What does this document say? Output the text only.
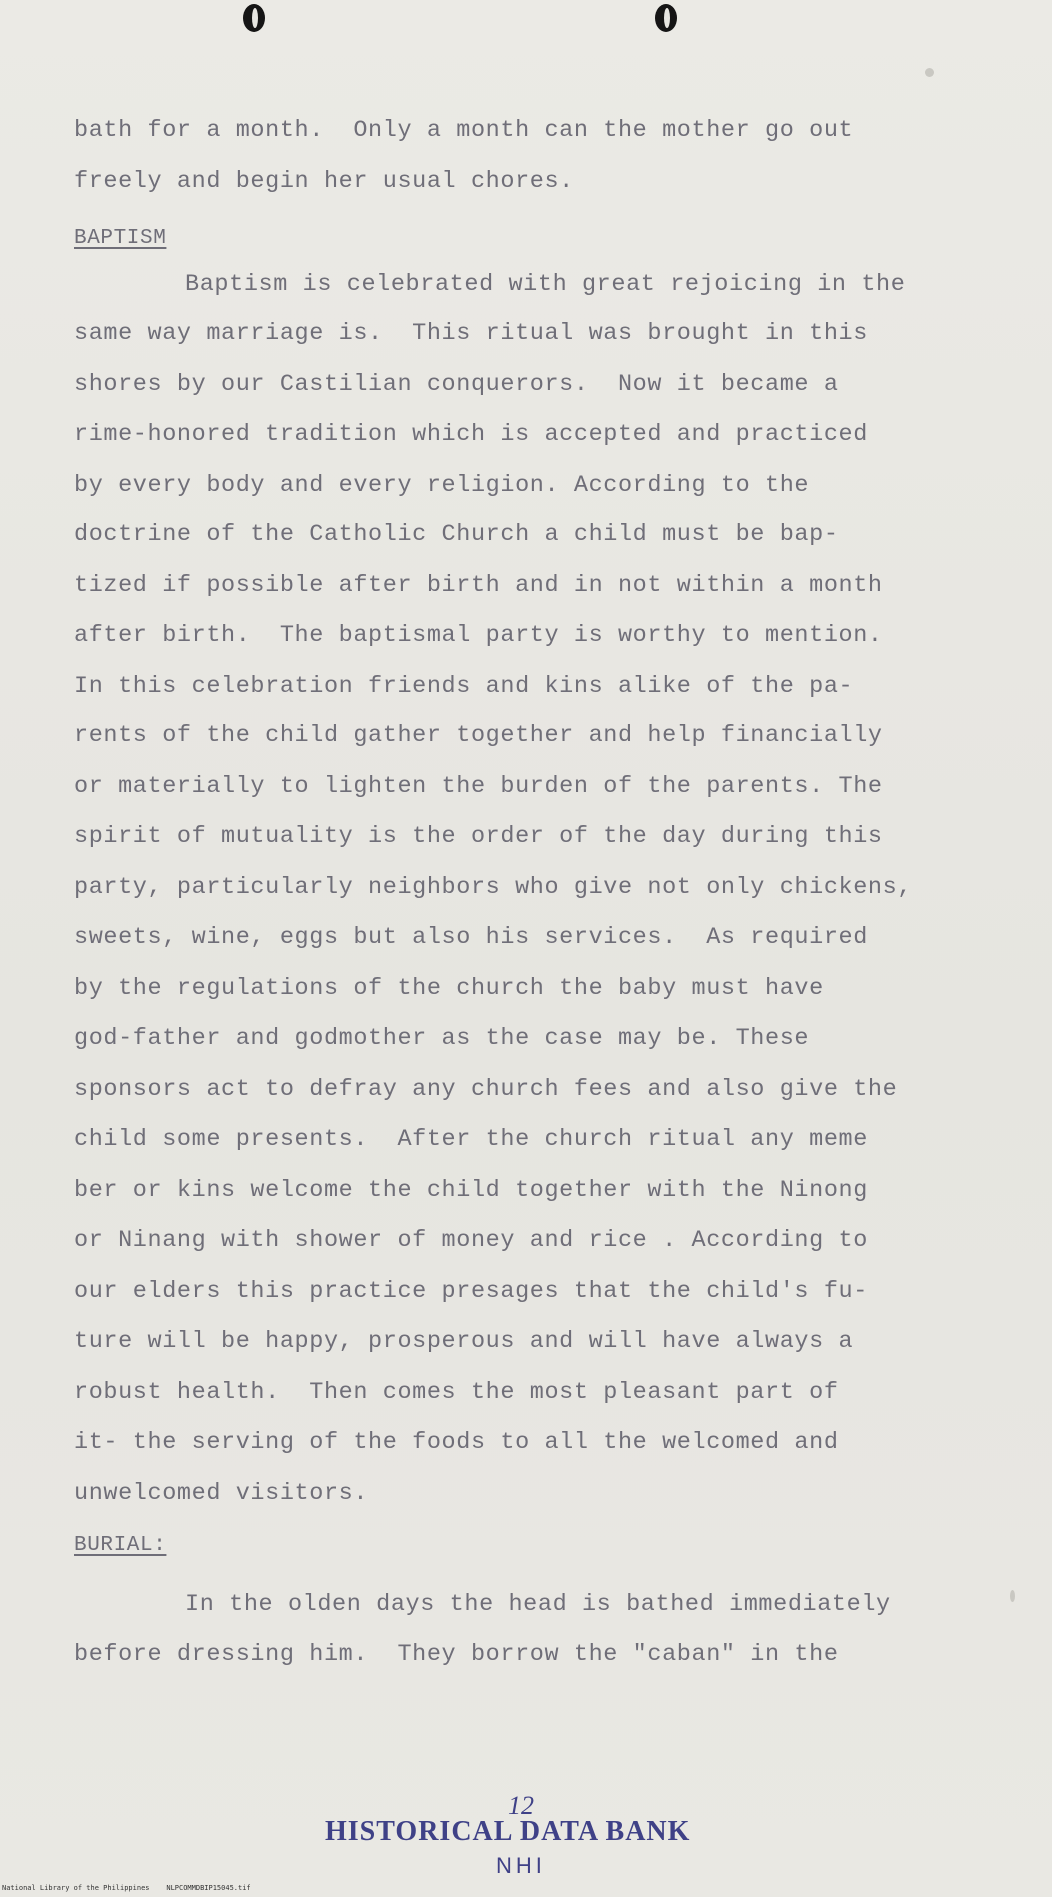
bath for a month.  Only a month can the mother go out
freely and begin her usual chores.
BAPTISM
Baptism is celebrated with great rejoicing in the
same way marriage is.  This ritual was brought in this
shores by our Castilian conquerors.  Now it became a
rime-honored tradition which is accepted and practiced
by every body and every religion. According to the
doctrine of the Catholic Church a child must be bap-
tized if possible after birth and in not within a month
after birth.  The baptismal party is worthy to mention.
In this celebration friends and kins alike of the pa-
rents of the child gather together and help financially
or materially to lighten the burden of the parents. The
spirit of mutuality is the order of the day during this
party, particularly neighbors who give not only chickens,
sweets, wine, eggs but also his services.  As required
by the regulations of the church the baby must have
god-father and godmother as the case may be. These
sponsors act to defray any church fees and also give the
child some presents.  After the church ritual any meme
ber or kins welcome the child together with the Ninong
or Ninang with shower of money and rice . According to
our elders this practice presages that the child's fu-
ture will be happy, prosperous and will have always a
robust health.  Then comes the most pleasant part of
it- the serving of the foods to all the welcomed and
unwelcomed visitors.
BURIAL:
In the olden days the head is bathed immediately
before dressing him.  They borrow the "caban" in the
12
HISTORICAL DATA BANK
NHI
National Library of the Philippines    NLPCOMMDBIP15045.tif
